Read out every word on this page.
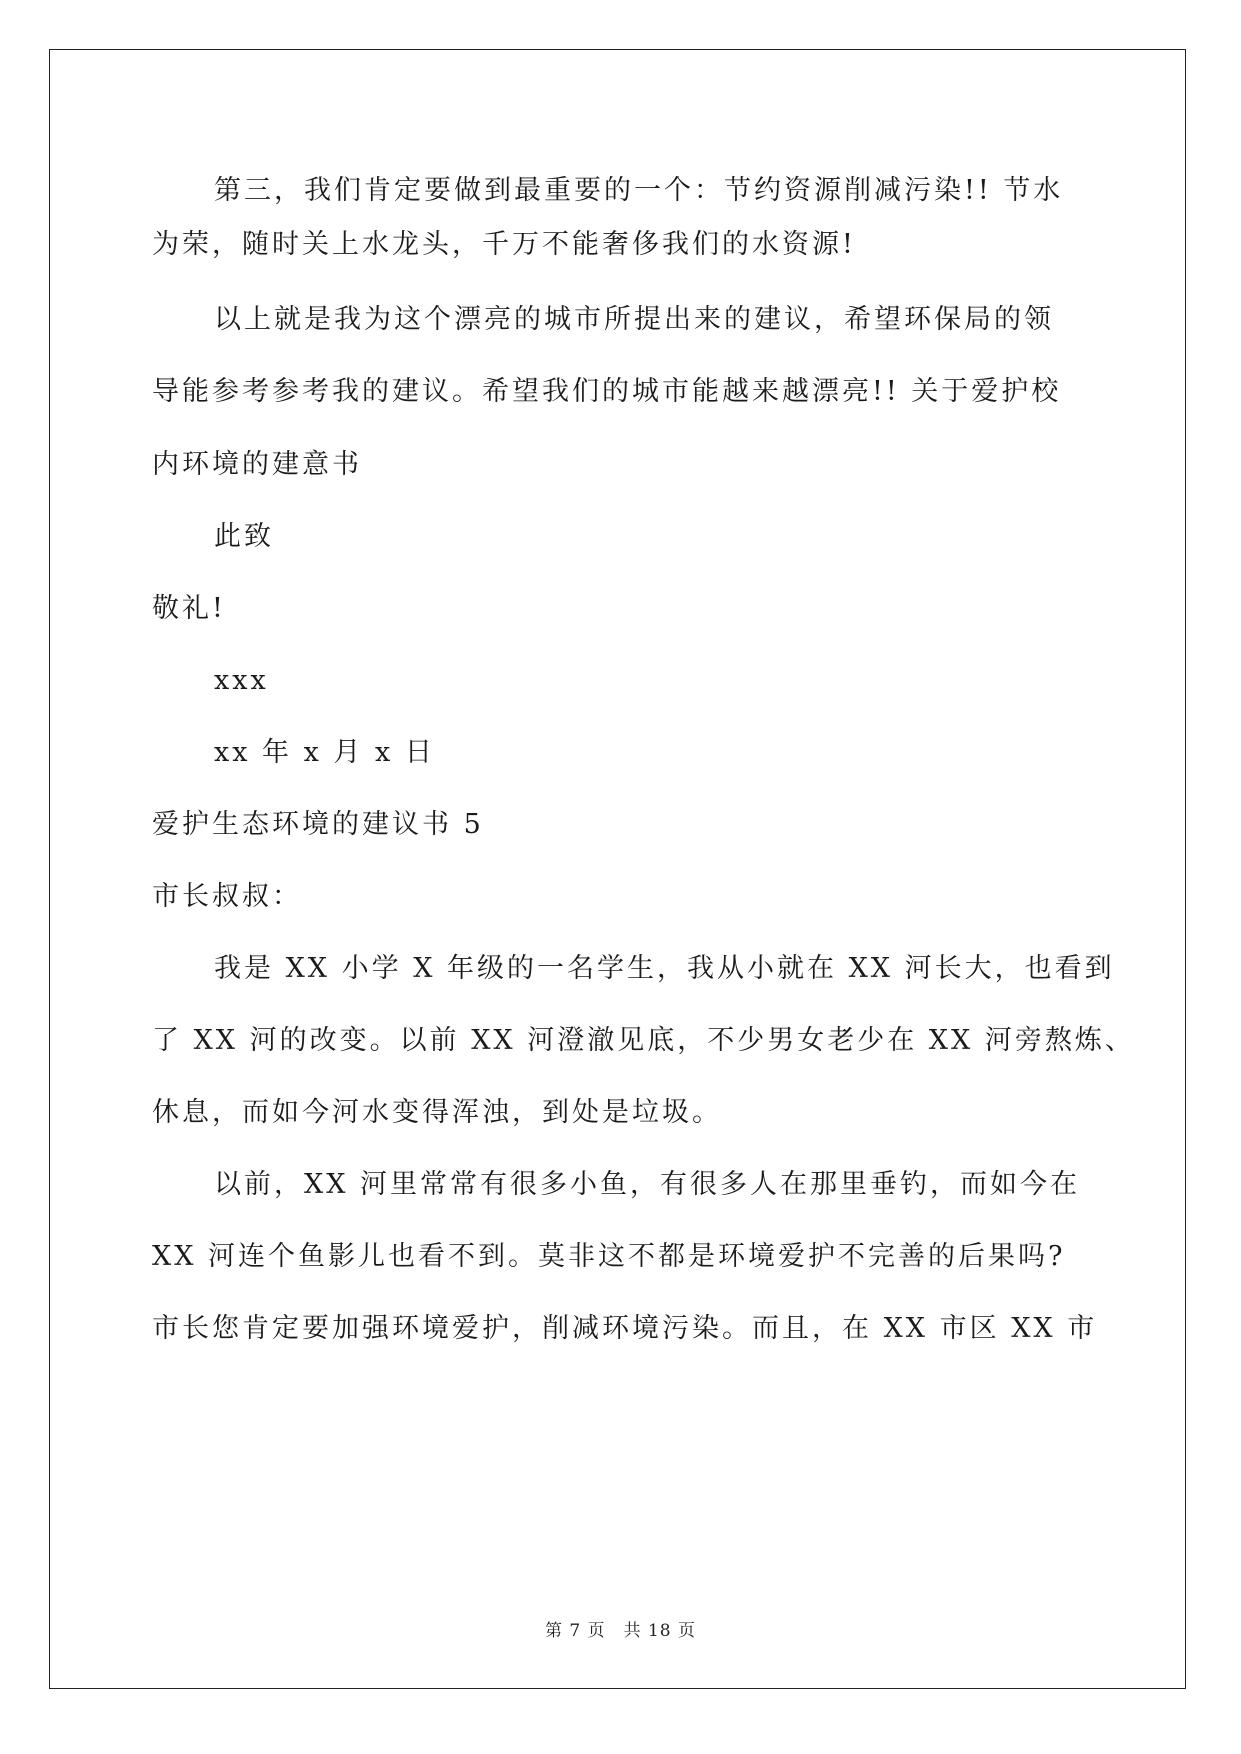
第三，我们肯定要做到最重要的一个：节约资源削减污染!! 节水
为荣，随时关上水龙头，千万不能奢侈我们的水资源!
以上就是我为这个漂亮的城市所提出来的建议，希望环保局的领
导能参考参考我的建议。希望我们的城市能越来越漂亮!! 关于爱护校
内环境的建意书
此致
敬礼!
xxx
xx 年 x 月 x 日
爱护生态环境的建议书 5
市长叔叔：
我是 XX 小学 X 年级的一名学生，我从小就在 XX 河长大，也看到
了 XX 河的改变。以前 XX 河澄澈见底，不少男女老少在 XX 河旁熬炼、
休息，而如今河水变得浑浊，到处是垃圾。
以前，XX 河里常常有很多小鱼，有很多人在那里垂钓，而如今在
XX 河连个鱼影儿也看不到。莫非这不都是环境爱护不完善的后果吗?
市长您肯定要加强环境爱护，削减环境污染。而且，在 XX 市区 XX 市
第 7 页　共 18 页
